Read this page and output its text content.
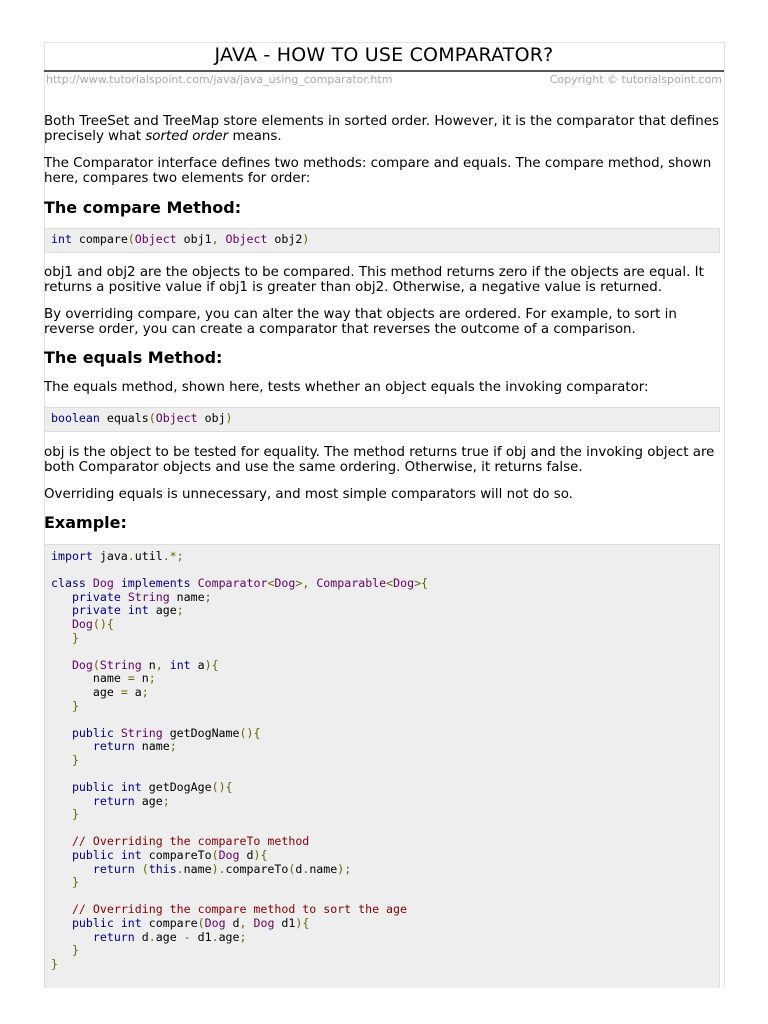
JAVA - HOW TO USE COMPARATOR?
http://www.tutorialspoint.com/java/java_using_comparator.htm	Copyright © tutorialspoint.com

Both TreeSet and TreeMap store elements in sorted order. However, it is the comparator that defines precisely what sorted order means.

The Comparator interface defines two methods: compare and equals. The compare method, shown here, compares two elements for order:

The compare Method:
int compare(Object obj1, Object obj2)

obj1 and obj2 are the objects to be compared. This method returns zero if the objects are equal. It returns a positive value if obj1 is greater than obj2. Otherwise, a negative value is returned.

By overriding compare, you can alter the way that objects are ordered. For example, to sort in reverse order, you can create a comparator that reverses the outcome of a comparison.

The equals Method:

The equals method, shown here, tests whether an object equals the invoking comparator:

boolean equals(Object obj)

obj is the object to be tested for equality. The method returns true if obj and the invoking object are both Comparator objects and use the same ordering. Otherwise, it returns false.

Overriding equals is unnecessary, and most simple comparators will not do so.

Example:
import java.util.*;

class Dog implements Comparator<Dog>, Comparable<Dog>{
private String name;
private int age;
Dog(){
}

Dog(String n, int a){
name = n;
age = a;
}

public String getDogName(){
return name;
}

public int getDogAge(){
return age;
}

// Overriding the compareTo method
public int compareTo(Dog d){
return (this.name).compareTo(d.name);
}

// Overriding the compare method to sort the age
public int compare(Dog d, Dog d1){
return d.age - d1.age;
}
}
